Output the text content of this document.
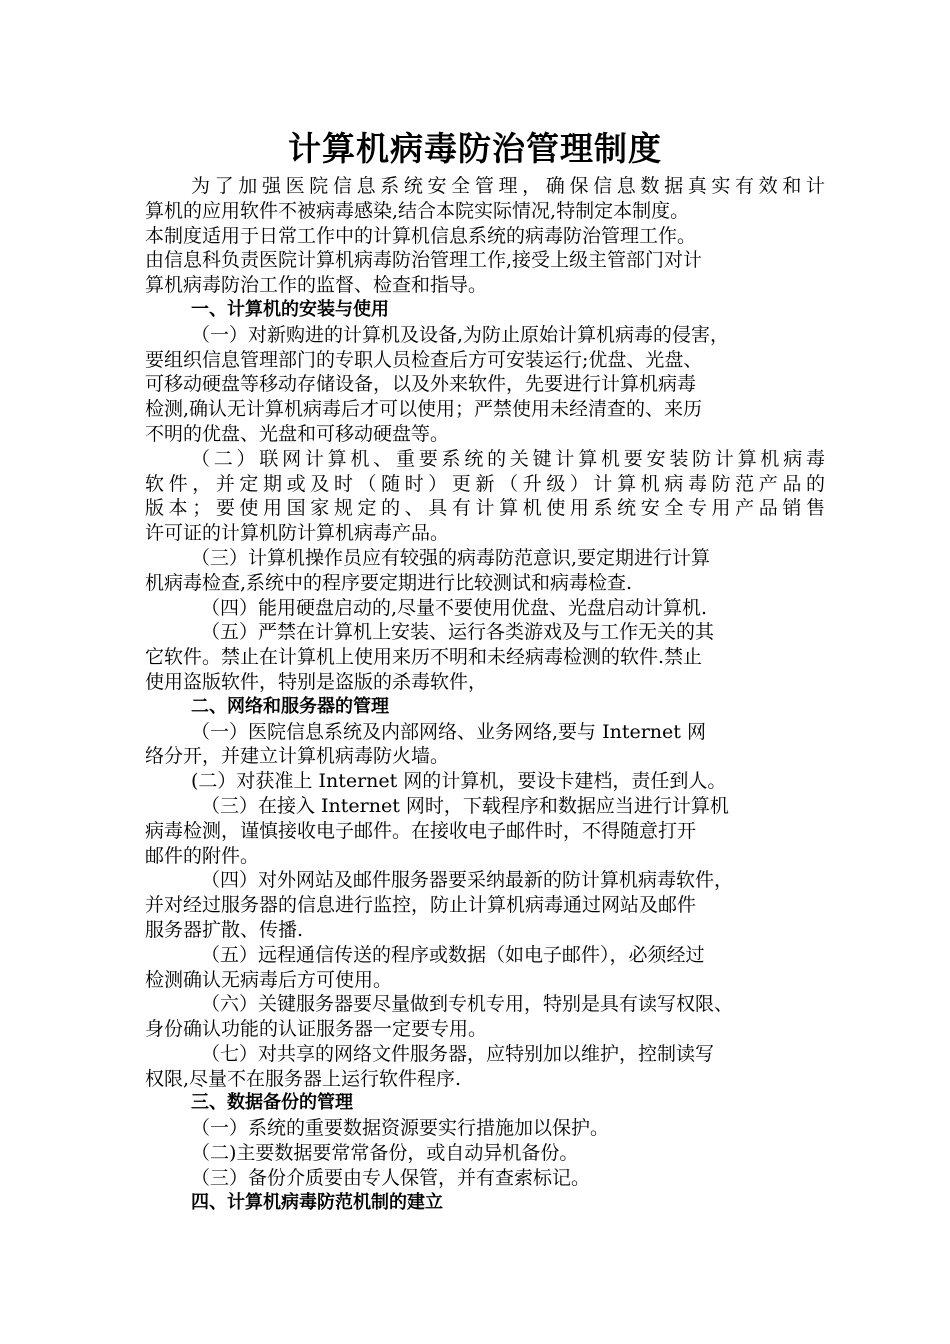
计算机病毒防治管理制度
为了加强医院信息系统安全管理，确保信息数据真实有效和计
算机的应用软件不被病毒感染,结合本院实际情况,特制定本制度。
本制度适用于日常工作中的计算机信息系统的病毒防治管理工作。
由信息科负责医院计算机病毒防治管理工作,接受上级主管部门对计
算机病毒防治工作的监督、检查和指导。
一、计算机的安装与使用
（一）对新购进的计算机及设备,为防止原始计算机病毒的侵害，
要组织信息管理部门的专职人员检查后方可安装运行;优盘、光盘、
可移动硬盘等移动存储设备，以及外来软件，先要进行计算机病毒
检测,确认无计算机病毒后才可以使用；严禁使用未经清查的、来历
不明的优盘、光盘和可移动硬盘等。
（二）联网计算机、重要系统的关键计算机要安装防计算机病毒
软件，并定期或及时（随时）更新（升级）计算机病毒防范产品的
版本；要使用国家规定的、具有计算机使用系统安全专用产品销售
许可证的计算机防计算机病毒产品。
（三）计算机操作员应有较强的病毒防范意识,要定期进行计算
机病毒检查,系统中的程序要定期进行比较测试和病毒检查.
（四）能用硬盘启动的,尽量不要使用优盘、光盘启动计算机.
（五）严禁在计算机上安装、运行各类游戏及与工作无关的其
它软件。禁止在计算机上使用来历不明和未经病毒检测的软件.禁止
使用盗版软件，特别是盗版的杀毒软件，
二、网络和服务器的管理
（一）医院信息系统及内部网络、业务网络,要与 Internet 网
络分开，并建立计算机病毒防火墙。
(二）对获准上 Internet 网的计算机，要设卡建档，责任到人。
（三）在接入 Internet 网时，下载程序和数据应当进行计算机
病毒检测，谨慎接收电子邮件。在接收电子邮件时，不得随意打开
邮件的附件。
（四）对外网站及邮件服务器要采纳最新的防计算机病毒软件，
并对经过服务器的信息进行监控，防止计算机病毒通过网站及邮件
服务器扩散、传播.
（五）远程通信传送的程序或数据（如电子邮件），必须经过
检测确认无病毒后方可使用。
（六）关键服务器要尽量做到专机专用，特别是具有读写权限、
身份确认功能的认证服务器一定要专用。
（七）对共享的网络文件服务器，应特别加以维护，控制读写
权限,尽量不在服务器上运行软件程序.
三、数据备份的管理
（一）系统的重要数据资源要实行措施加以保护。
（二)主要数据要常常备份，或自动异机备份。
（三）备份介质要由专人保管，并有查索标记。
四、计算机病毒防范机制的建立
